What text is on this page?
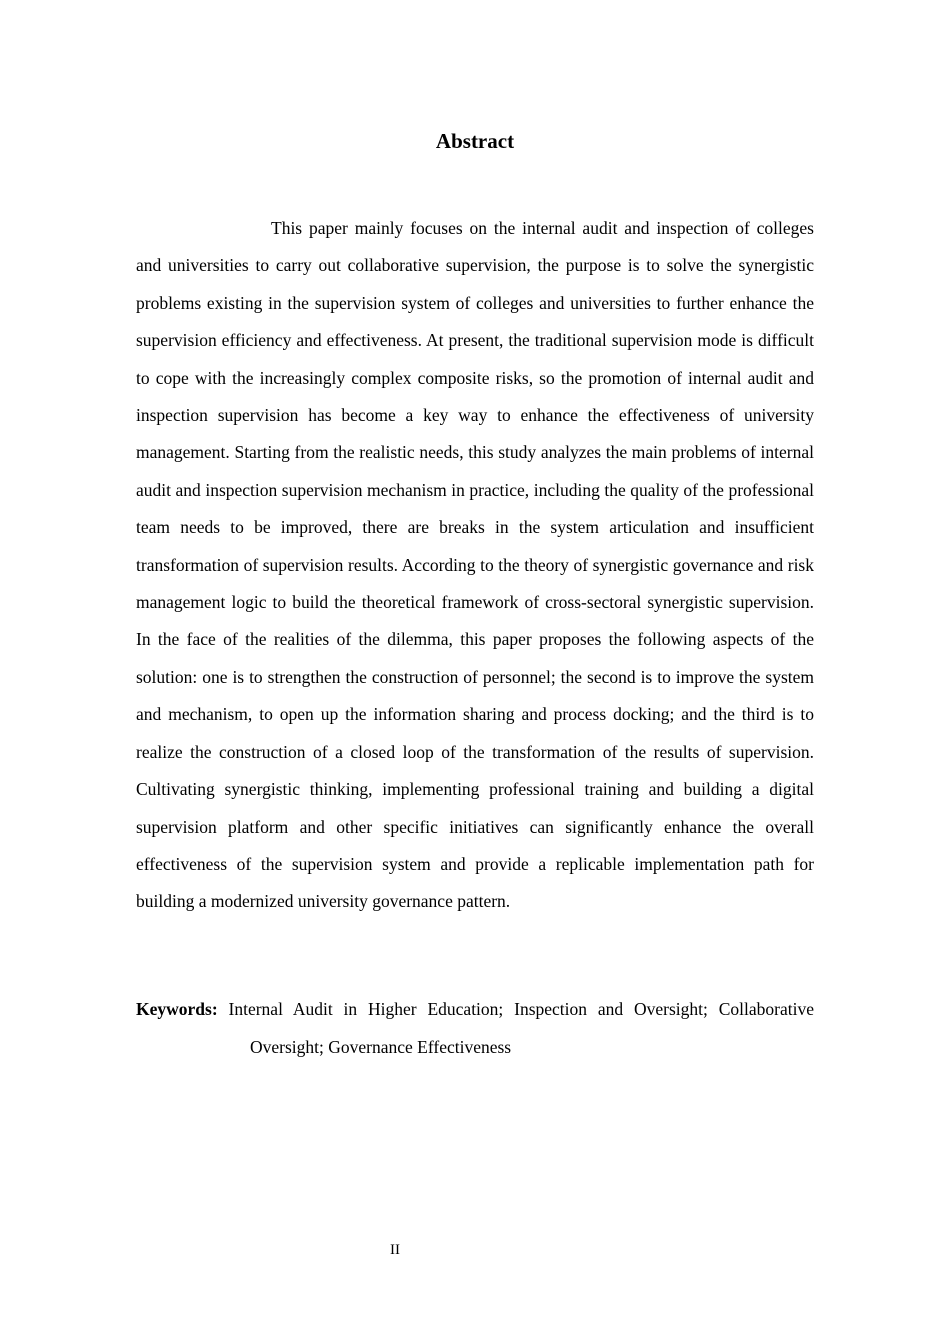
Abstract

This paper mainly focuses on the internal audit and inspection of colleges and universities to carry out collaborative supervision, the purpose is to solve the synergistic problems existing in the supervision system of colleges and universities to further enhance the supervision efficiency and effectiveness. At present, the traditional supervision mode is difficult to cope with the increasingly complex composite risks, so the promotion of internal audit and inspection supervision has become a key way to enhance the effectiveness of university management. Starting from the realistic needs, this study analyzes the main problems of internal audit and inspection supervision mechanism in practice, including the quality of the professional team needs to be improved, there are breaks in the system articulation and insufficient transformation of supervision results. According to the theory of synergistic governance and risk management logic to build the theoretical framework of cross-sectoral synergistic supervision. In the face of the realities of the dilemma, this paper proposes the following aspects of the solution: one is to strengthen the construction of personnel; the second is to improve the system and mechanism, to open up the information sharing and process docking; and the third is to realize the construction of a closed loop of the transformation of the results of supervision. Cultivating synergistic thinking, implementing professional training and building a digital supervision platform and other specific initiatives can significantly enhance the overall effectiveness of the supervision system and provide a replicable implementation path for building a modernized university governance pattern.

Keywords: Internal Audit in Higher Education; Inspection and Oversight; Collaborative Oversight; Governance Effectiveness

II
